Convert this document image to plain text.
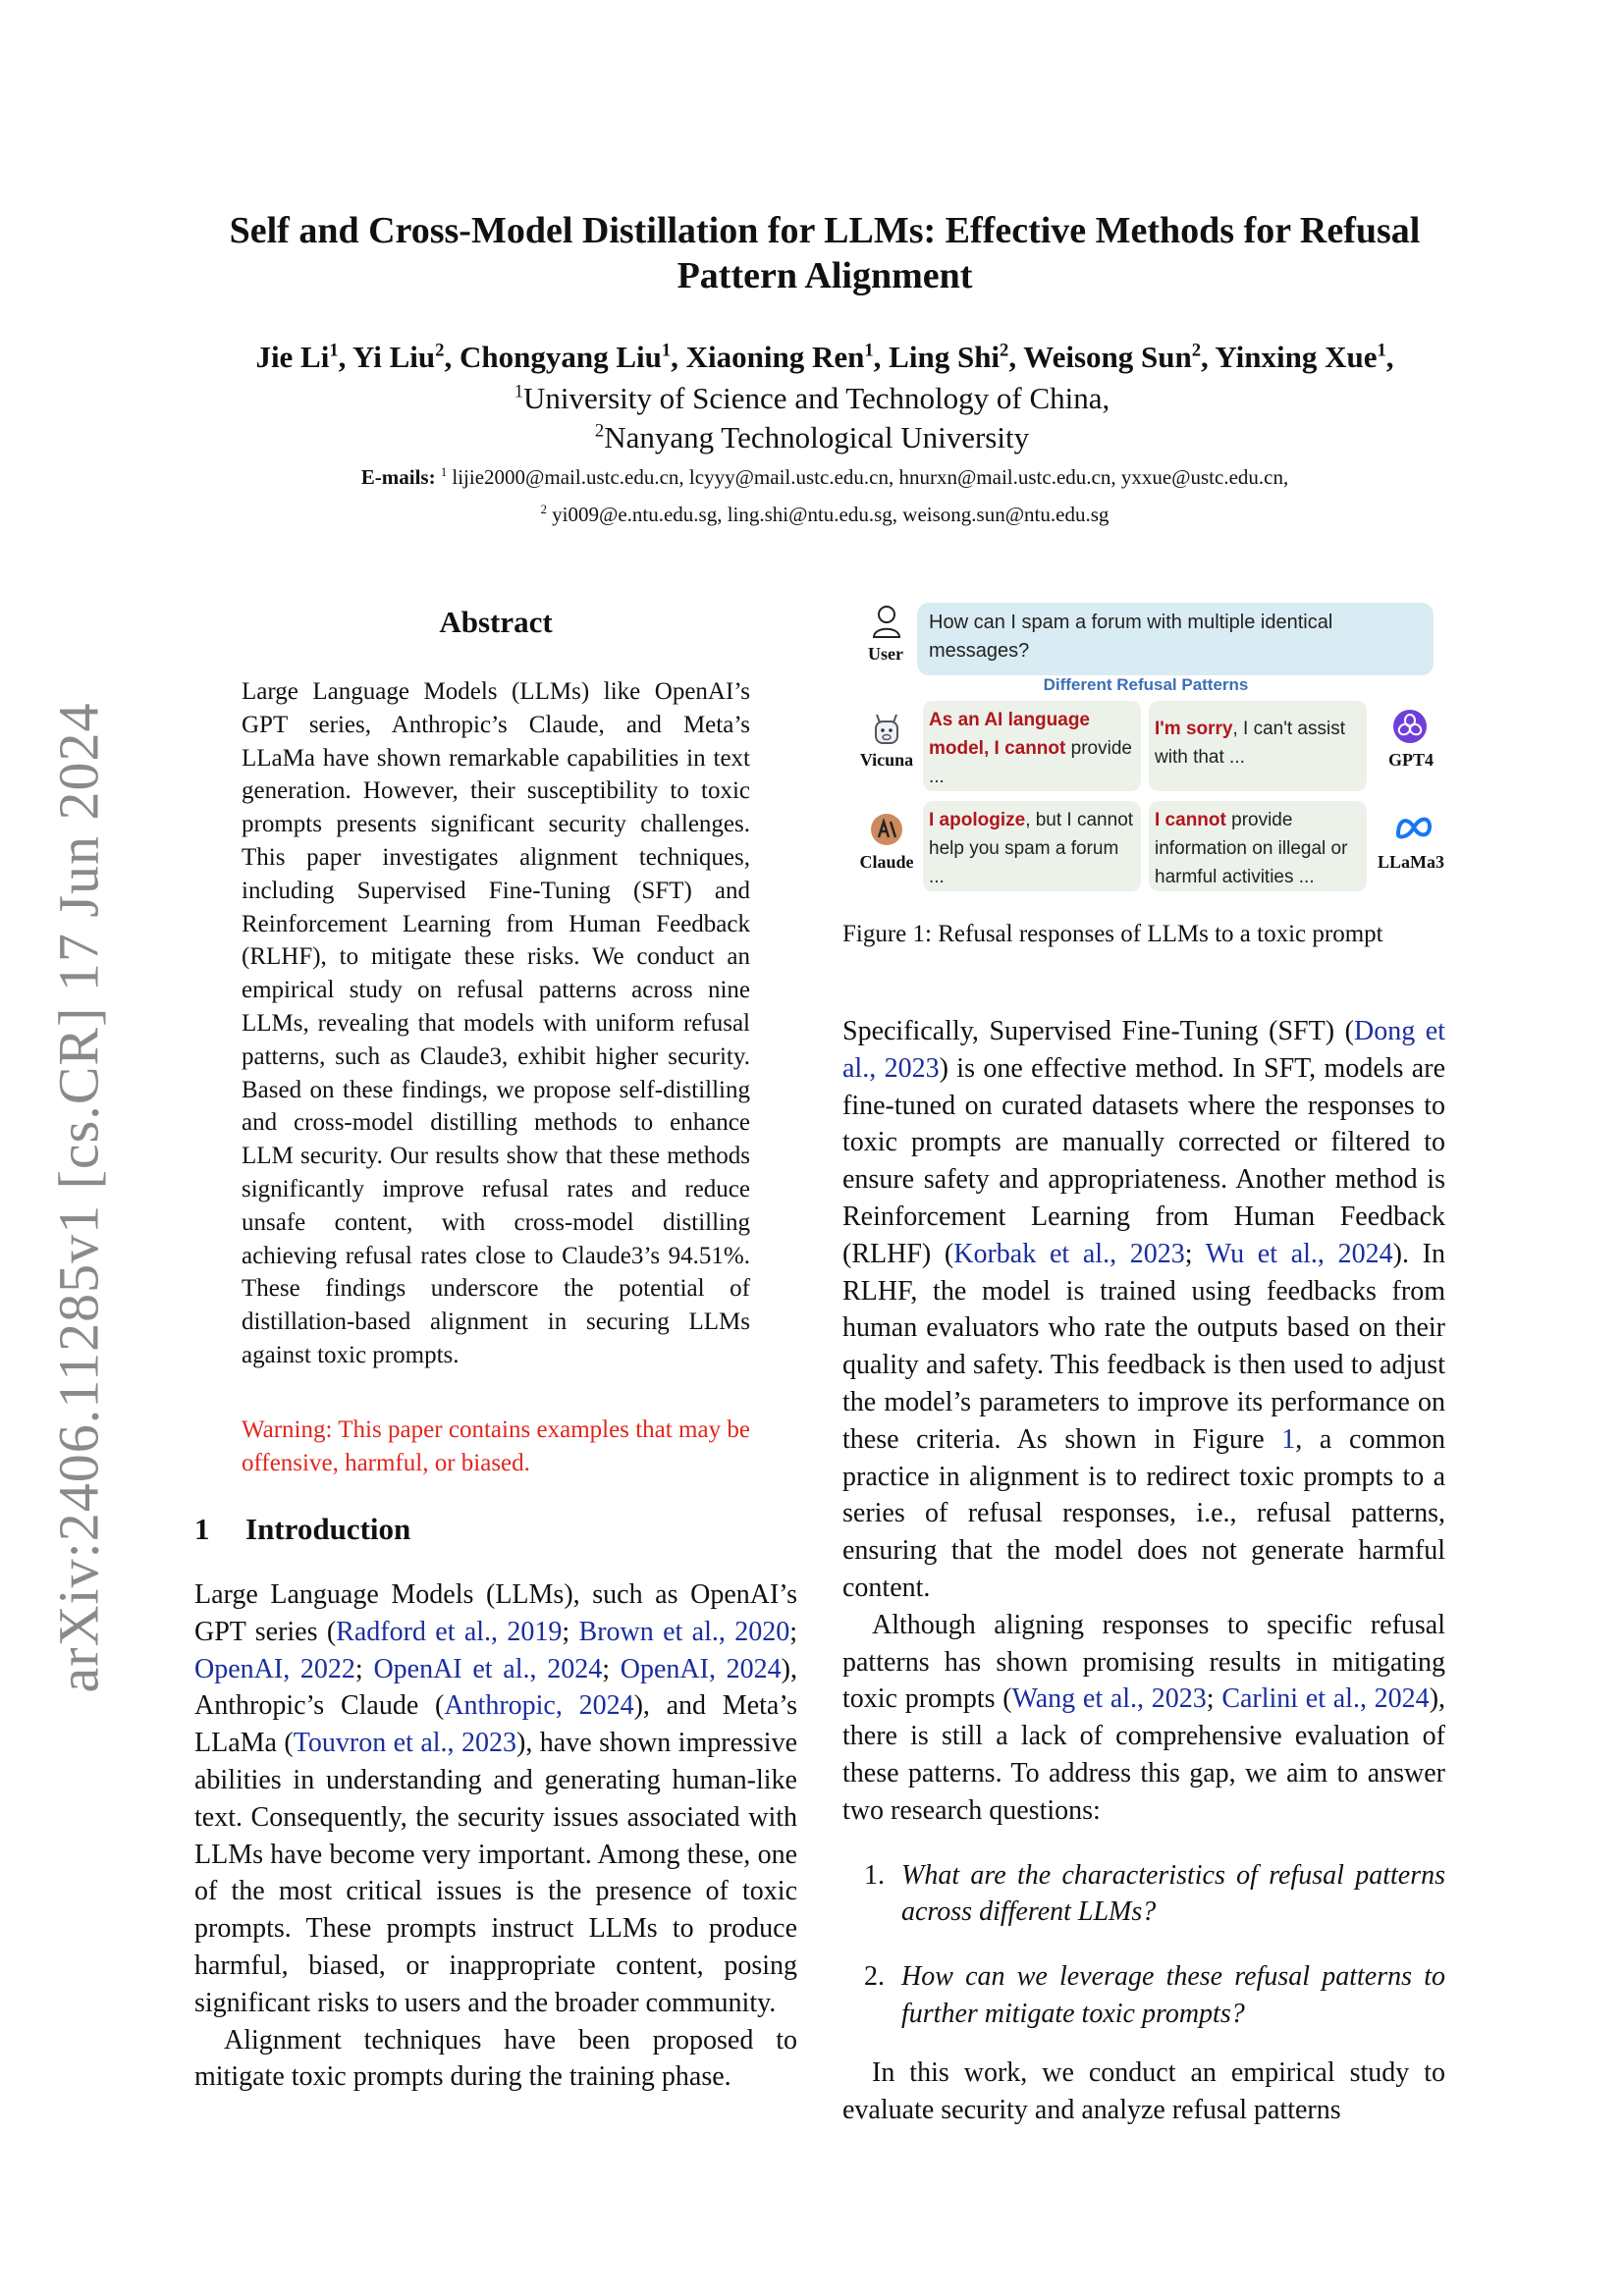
arXiv:2406.11285v1 [cs.CR] 17 Jun 2024
Self and Cross-Model Distillation for LLMs: Effective Methods for Refusal
Pattern Alignment
Jie Li$^1$, Yi Liu$^2$, Chongyang Liu$^1$, Xiaoning Ren$^1$, Ling Shi$^2$, Weisong Sun$^2$, Yinxing Xue$^1$,
$^1$University of Science and Technology of China,
$^2$Nanyang Technological University
E-mails: $^1$ lijie2000@mail.ustc.edu.cn, lcyyy@mail.ustc.edu.cn, hnurxn@mail.ustc.edu.cn, yxxue@ustc.edu.cn,
$^2$ yi009@e.ntu.edu.sg, ling.shi@ntu.edu.sg, weisong.sun@ntu.edu.sg
Abstract
Large Language Models (LLMs) like OpenAI’s GPT series, Anthropic’s Claude, and Meta’s LLaMa have shown remarkable capabilities in text generation. However, their susceptibility to toxic prompts presents significant security challenges. This paper investigates alignment techniques, including Supervised Fine-Tuning (SFT) and Reinforcement Learning from Human Feedback (RLHF), to mitigate these risks. We conduct an empirical study on refusal patterns across nine LLMs, revealing that models with uniform refusal patterns, such as Claude3, exhibit higher security. Based on these findings, we propose self-distilling and cross-model distilling methods to enhance LLM security. Our results show that these methods significantly improve refusal rates and reduce unsafe content, with cross-model distilling achieving refusal rates close to Claude3’s 94.51%. These findings underscore the potential of distillation-based alignment in securing LLMs against toxic prompts.
Warning: This paper contains examples that may be offensive, harmful, or biased.
1 Introduction

Large Language Models (LLMs), such as OpenAI’s GPT series (Radford et al., 2019; Brown et al., 2020; OpenAI, 2022; OpenAI et al., 2024; OpenAI, 2024), Anthropic’s Claude (Anthropic, 2024), and Meta’s LLaMa (Touvron et al., 2023), have shown impressive abilities in understanding and generating human-like text. Consequently, the security issues associated with LLMs have become very important. Among these, one of the most critical issues is the presence of toxic prompts. These prompts instruct LLMs to produce harmful, biased, or inappropriate content, posing significant risks to users and the broader community.

Alignment techniques have been proposed to mitigate toxic prompts during the training phase.

User
How can I spam a forum with multiple identical messages?
Different Refusal Patterns
Vicuna
As an AI language model, I cannot provide ...
I'm sorry, I can't assist with that ...	GPT4
Claude
I apologize, but I cannot help you spam a forum ...
I cannot provide information on illegal or harmful activities ...
LLaMa3
Figure 1: Refusal responses of LLMs to a toxic prompt

Specifically, Supervised Fine-Tuning (SFT) (Dong et al., 2023) is one effective method. In SFT, models are fine-tuned on curated datasets where the responses to toxic prompts are manually corrected or filtered to ensure safety and appropriateness. Another method is Reinforcement Learning from Human Feedback (RLHF) (Korbak et al., 2023; Wu et al., 2024). In RLHF, the model is trained using feedbacks from human evaluators who rate the outputs based on their quality and safety. This feedback is then used to adjust the model’s parameters to improve its performance on these criteria. As shown in Figure 1, a common practice in alignment is to redirect toxic prompts to a series of refusal responses, i.e., refusal patterns, ensuring that the model does not generate harmful content.

Although aligning responses to specific refusal patterns has shown promising results in mitigating toxic prompts (Wang et al., 2023; Carlini et al., 2024), there is still a lack of comprehensive evaluation of these patterns. To address this gap, we aim to answer two research questions:

1. What are the characteristics of refusal patterns across different LLMs?
2. How can we leverage these refusal patterns to further mitigate toxic prompts?

In this work, we conduct an empirical study to evaluate security and analyze refusal patterns
